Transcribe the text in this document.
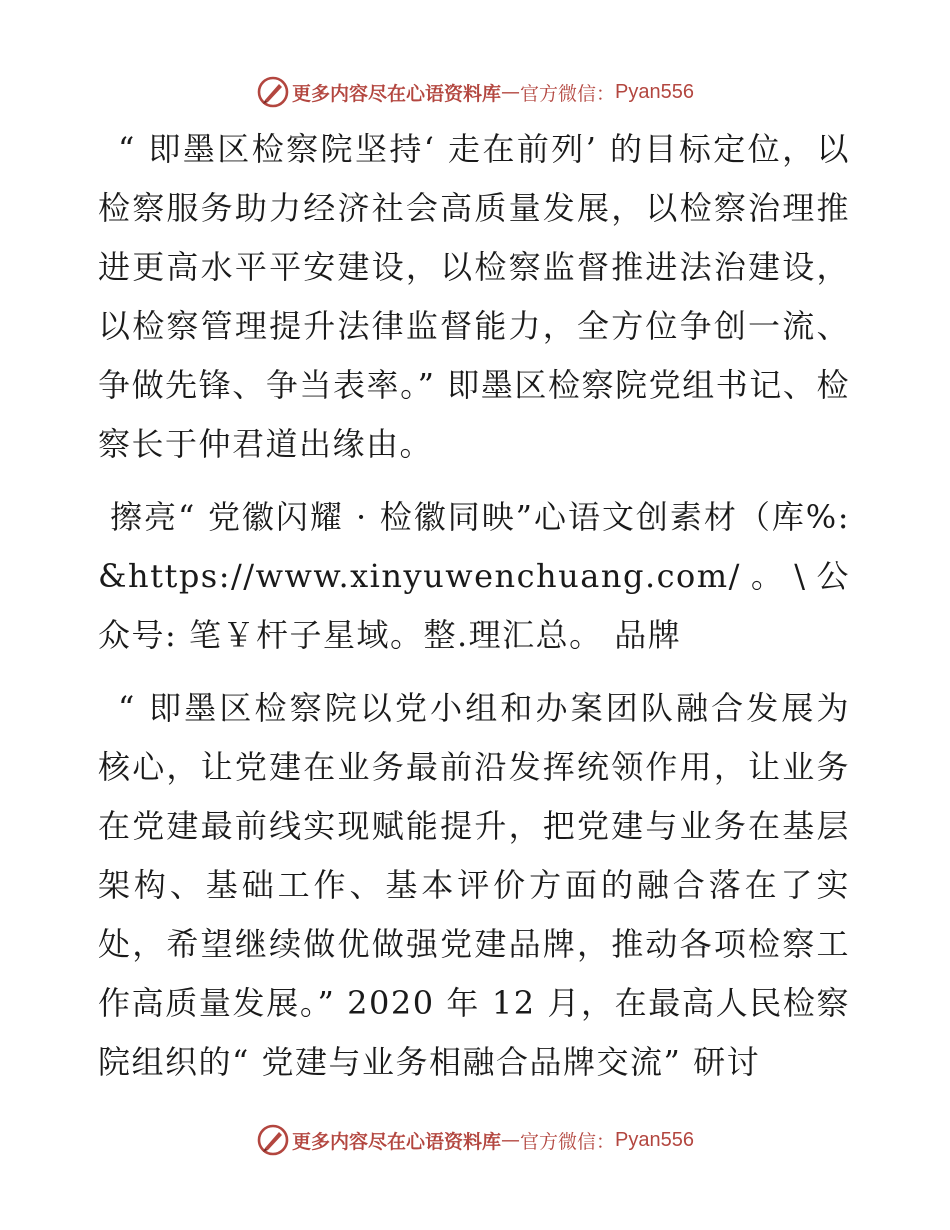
更多内容尽在心语资料库 — 官方微信： Pyan556

“ 即墨区检察院坚持‘ 走在前列’ 的目标定位，以检察服务助力经济社会高质量发展，以检察治理推进更高水平平安建设，以检察监督推进法治建设，以检察管理提升法律监督能力，全方位争创一流、争做先锋、争当表率。” 即墨区检察院党组书记、检察长于仲君道出缘由。

擦亮“ 党徽闪耀 · 检徽同映”心语文创素材（库%: &https://www.xinyuwenchuang.com/。\公众号: 笔￥杆子星域。整.理汇总。 品牌

“ 即墨区检察院以党小组和办案团队融合发展为核心，让党建在业务最前沿发挥统领作用，让业务在党建最前线实现赋能提升，把党建与业务在基层架构、基础工作、基本评价方面的融合落在了实处，希望继续做优做强党建品牌，推动各项检察工作高质量发展。” 2020 年 12 月，在最高人民检察院组织的“ 党建与业务相融合品牌交流” 研讨

更多内容尽在心语资料库 — 官方微信： Pyan556
